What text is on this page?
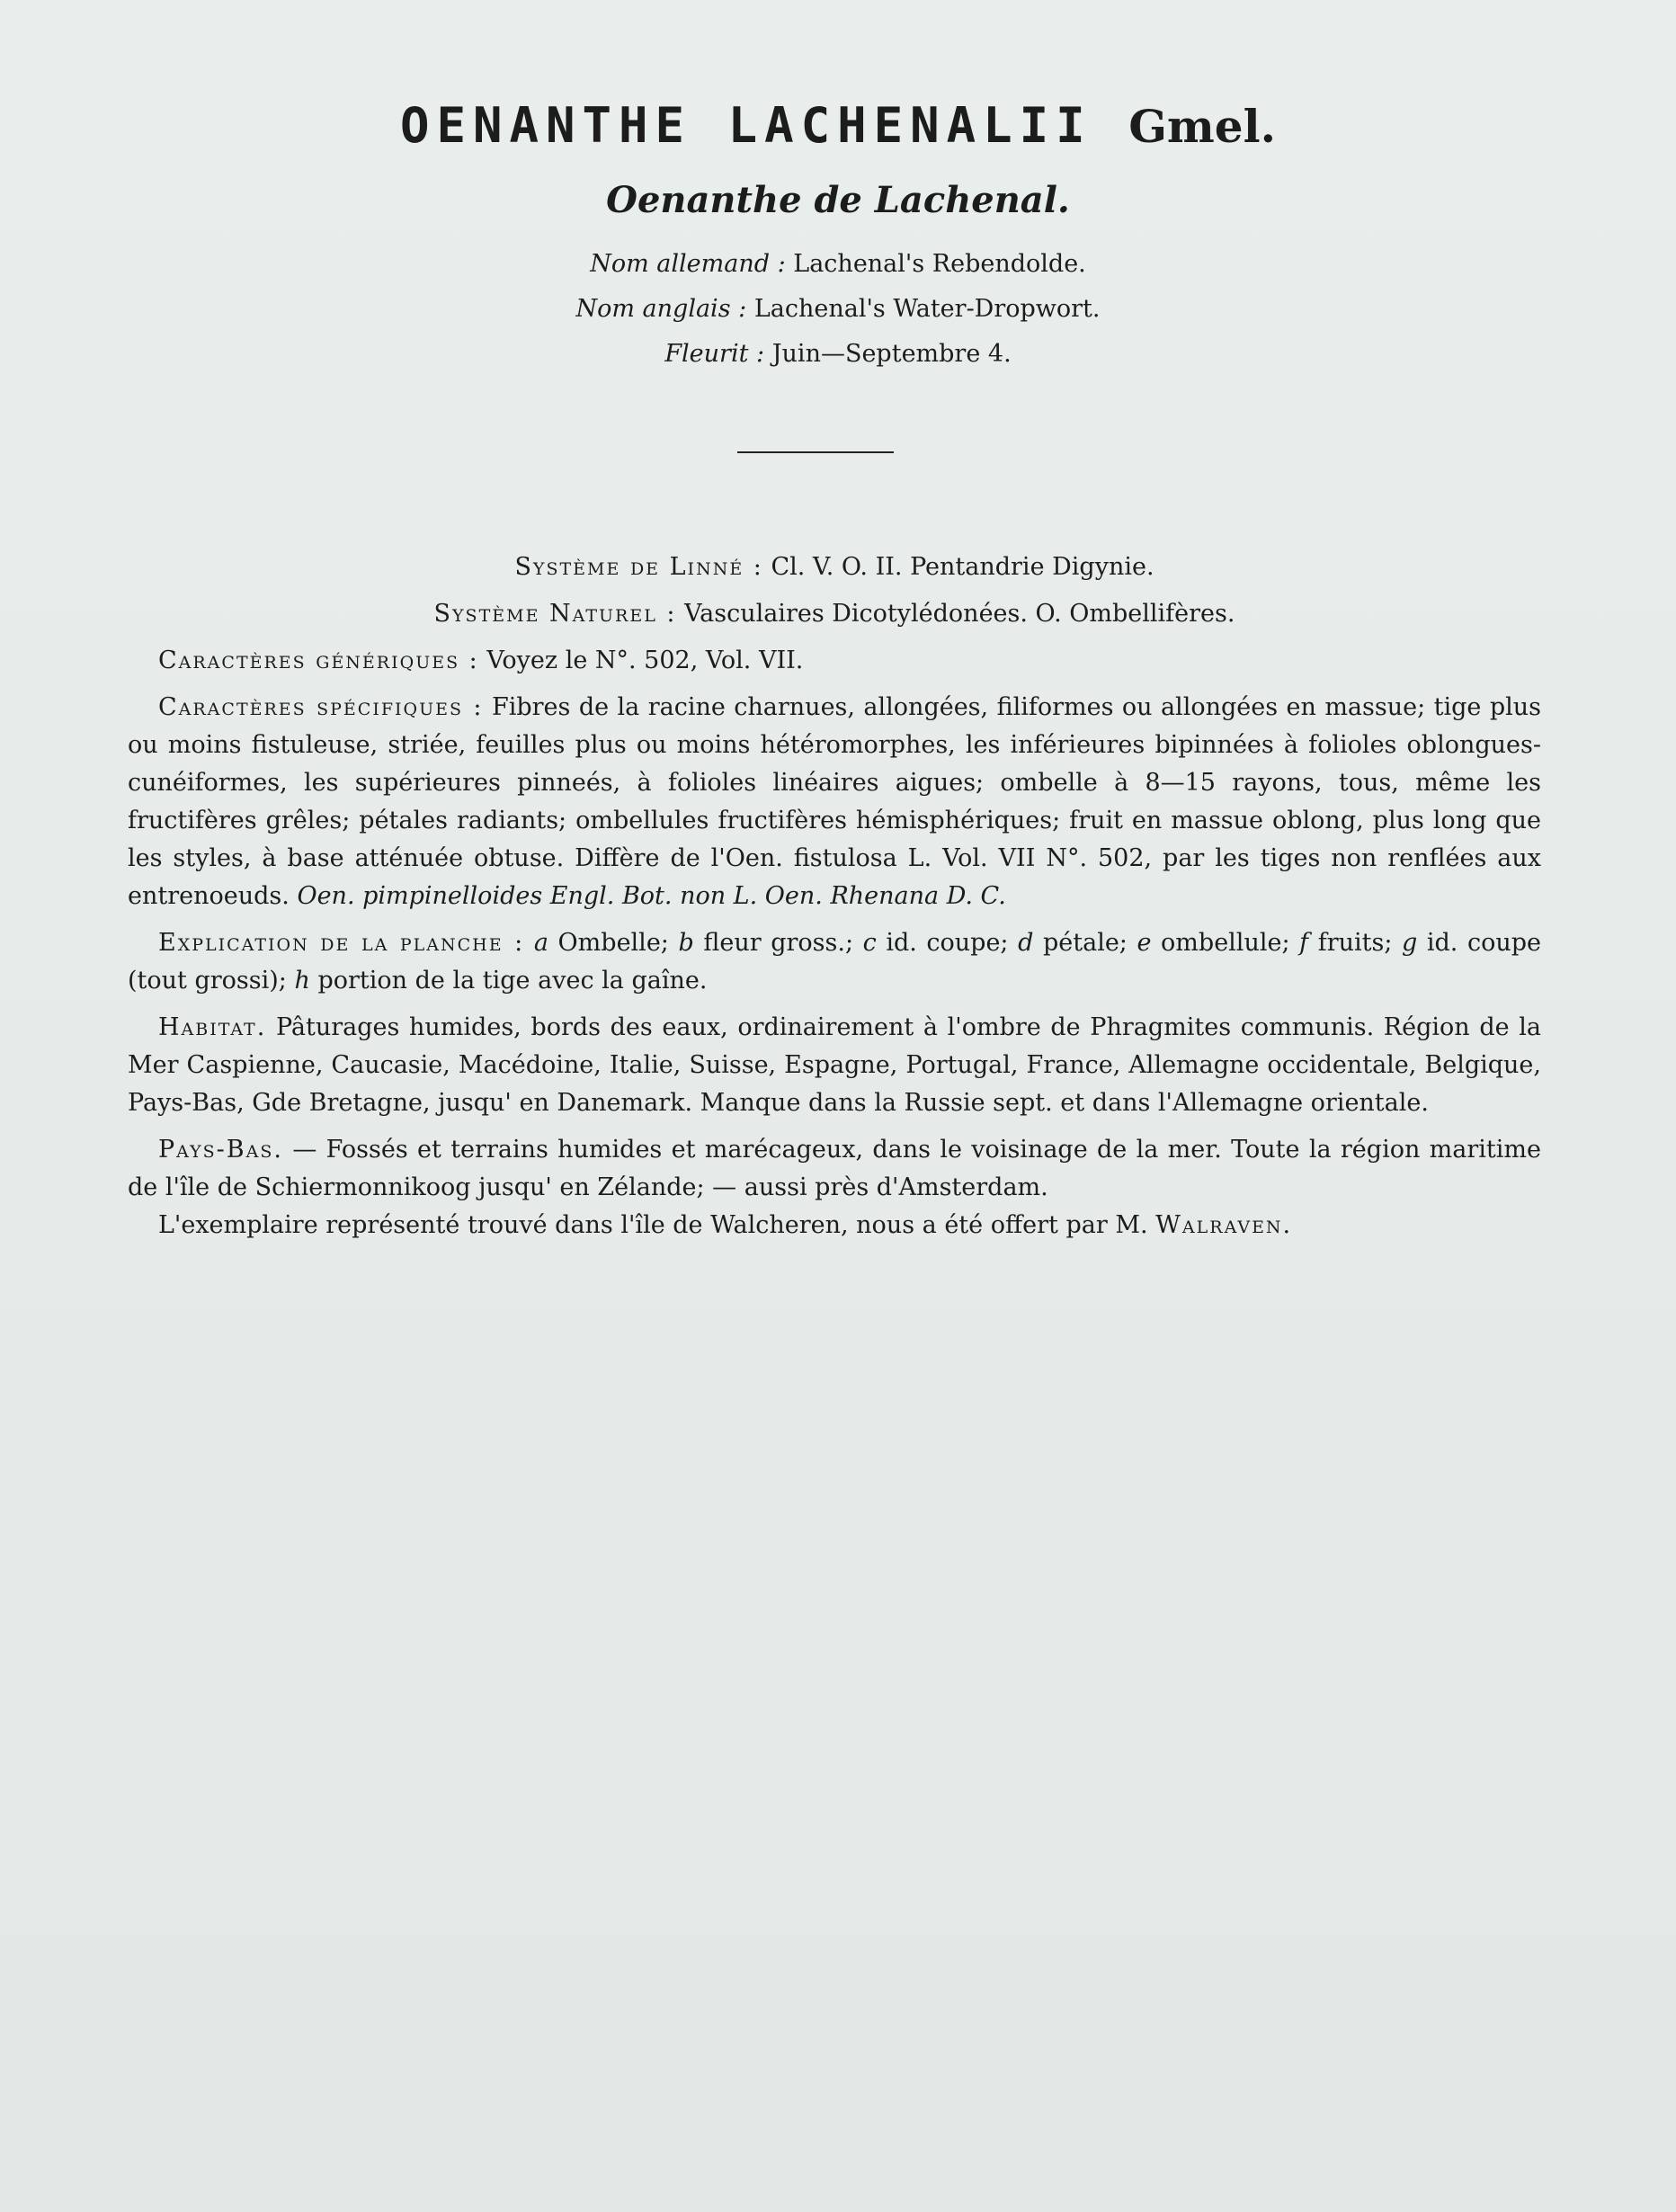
OENANTHE LACHENALII Gmel.
Oenanthe de Lachenal.
Nom allemand : Lachenal's Rebendolde.
Nom anglais : Lachenal's Water-Dropwort.
Fleurit : Juin—Septembre 4.
Système de Linné : Cl. V. O. II. Pentandrie Digynie.
Système Naturel : Vasculaires Dicotylédonées. O. Ombellifères.

Caractères génériques : Voyez le N°. 502, Vol. VII.

Caractères spécifiques : Fibres de la racine charnues, allongées, filiformes ou allongées en massue; tige plus ou moins fistuleuse, striée, feuilles plus ou moins hétéromorphes, les inférieures bipinnées à folioles oblongues-cunéiformes, les supérieures pinneés, à folioles linéaires aigues; ombelle à 8—15 rayons, tous, même les fructifères grêles; pétales radiants; ombellules fructifères hémisphériques; fruit en massue oblong, plus long que les styles, à base atténuée obtuse. Diffère de l'Oen. fistulosa L. Vol. VII N°. 502, par les tiges non renflées aux entrenoeuds. Oen. pimpinelloides Engl. Bot. non L. Oen. Rhenana D. C.

Explication de la planche : a Ombelle; b fleur gross.; c id. coupe; d pétale; e ombellule; f fruits; g id. coupe (tout grossi); h portion de la tige avec la gaîne.

Habitat. Pâturages humides, bords des eaux, ordinairement à l'ombre de Phragmites communis. Région de la Mer Caspienne, Caucasie, Macédoine, Italie, Suisse, Espagne, Portugal, France, Allemagne occidentale, Belgique, Pays-Bas, Gde Bretagne, jusqu' en Danemark. Manque dans la Russie sept. et dans l'Allemagne orientale.

Pays-Bas. — Fossés et terrains humides et marécageux, dans le voisinage de la mer. Toute la région maritime de l'île de Schiermonnikoog jusqu' en Zélande; — aussi près d'Amsterdam.

L'exemplaire représenté trouvé dans l'île de Walcheren, nous a été offert par M. Walraven.
